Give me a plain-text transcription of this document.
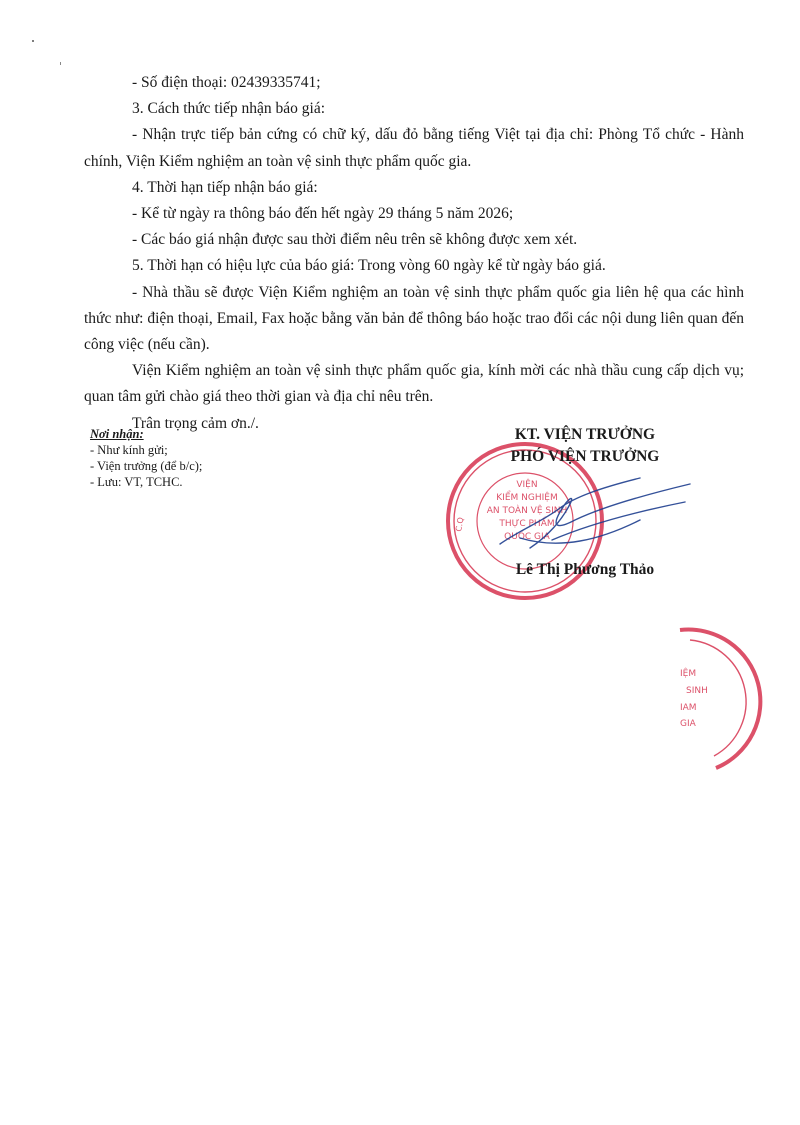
- Số điện thoại: 02439335741;

3. Cách thức tiếp nhận báo giá:

- Nhận trực tiếp bản cứng có chữ ký, dấu đỏ bằng tiếng Việt tại địa chỉ: Phòng Tổ chức - Hành chính, Viện Kiểm nghiệm an toàn vệ sinh thực phẩm quốc gia.

4. Thời hạn tiếp nhận báo giá:

- Kể từ ngày ra thông báo đến hết ngày 29 tháng 5 năm 2026;

- Các báo giá nhận được sau thời điểm nêu trên sẽ không được xem xét.

5. Thời hạn có hiệu lực của báo giá: Trong vòng 60 ngày kể từ ngày báo giá.

- Nhà thầu sẽ được Viện Kiểm nghiệm an toàn vệ sinh thực phẩm quốc gia liên hệ qua các hình thức như: điện thoại, Email, Fax hoặc bằng văn bản để thông báo hoặc trao đổi các nội dung liên quan đến công việc (nếu cần).

Viện Kiểm nghiệm an toàn vệ sinh thực phẩm quốc gia, kính mời các nhà thầu cung cấp dịch vụ; quan tâm gửi chào giá theo thời gian và địa chỉ nêu trên.

Trân trọng cảm ơn./.

Nơi nhận:
- Như kính gửi;
- Viện trưởng (để b/c);
- Lưu: VT, TCHC.
C.Q
VIỆN
KIỂM NGHIỆM
AN TOÀN VỆ SINH
THỰC PHẨM
QUỐC GIA
IỆM
SINH
IAM
GIA
KT. VIỆN TRƯỞNG
PHÓ VIỆN TRƯỞNG
Lê Thị Phương Thảo
